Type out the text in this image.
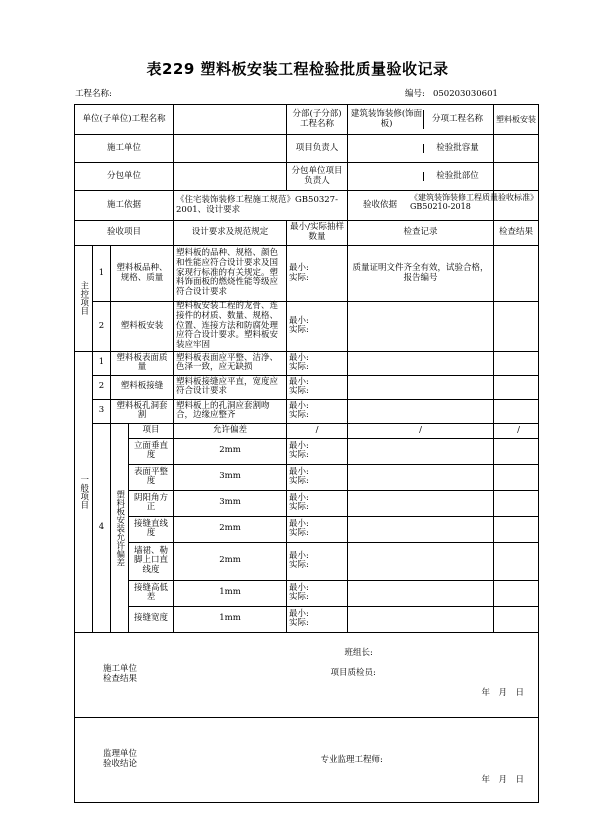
表229 塑料板安装工程检验批质量验收记录
工程名称:	编号: 050203030601
单位(子单位)工程名称					分部(子分部)工程名称	建筑装饰装修(饰面板) 分项工程名称	塑料板安装
施工单位					项目负责人	检验批容量	

分包单位					分包单位项目负责人	检验批部位	

施工依据				《住宅装饰装修工程施工规范》GB50327-2001、设计要求		验收依据
《建筑装饰装修工程质量验收标准》GB50210-2018	

验收项目				设计要求及规范规定	最小/实际抽样数量	检查记录	检查结果
主控项目	1	塑料板品种、规格、质量		塑料板的品种、规格、颜色和性能应符合设计要求及国家现行标准的有关规定。塑料饰面板的燃烧性能等级应符合设计要求	最小:
实际:	质量证明文件齐全有效，试验合格，报告编号	
	2	塑料板安装		塑料板安装工程的龙骨、连接件的材质、数量、规格、位置、连接方法和防腐处理应符合设计要求。塑料板安装应牢固	最小:
实际:		

一般项目	1	塑料板表面质量		塑料板表面应平整、洁净、色泽一致，应无缺损	最小:
实际:		

	2	塑料板接缝		塑料板接缝应平直，宽度应符合设计要求	最小:
实际:		

	3	塑料板孔洞套割		塑料板上的孔洞应套割吻合，边缘应整齐	最小:
实际:		

	4	塑料板安装允许偏差	项目	允许偏差	/	/	/
			立面垂直度	2mm	最小:
实际:		

			表面平整度	3mm	最小:
实际:		

			阴阳角方正	3mm	最小:
实际:		

			接缝直线度	2mm	最小:
实际:		

			墙裙、勒脚上口直线度	2mm	最小:
实际:		

			接缝高低差	1mm	最小:
实际:		

			接缝宽度	1mm	最小:
实际:		

施工单位检查结果					班组长:
项目质检员:
年　月　日		

监理单位验收结论					专业监理工程师:
年　月　日		
